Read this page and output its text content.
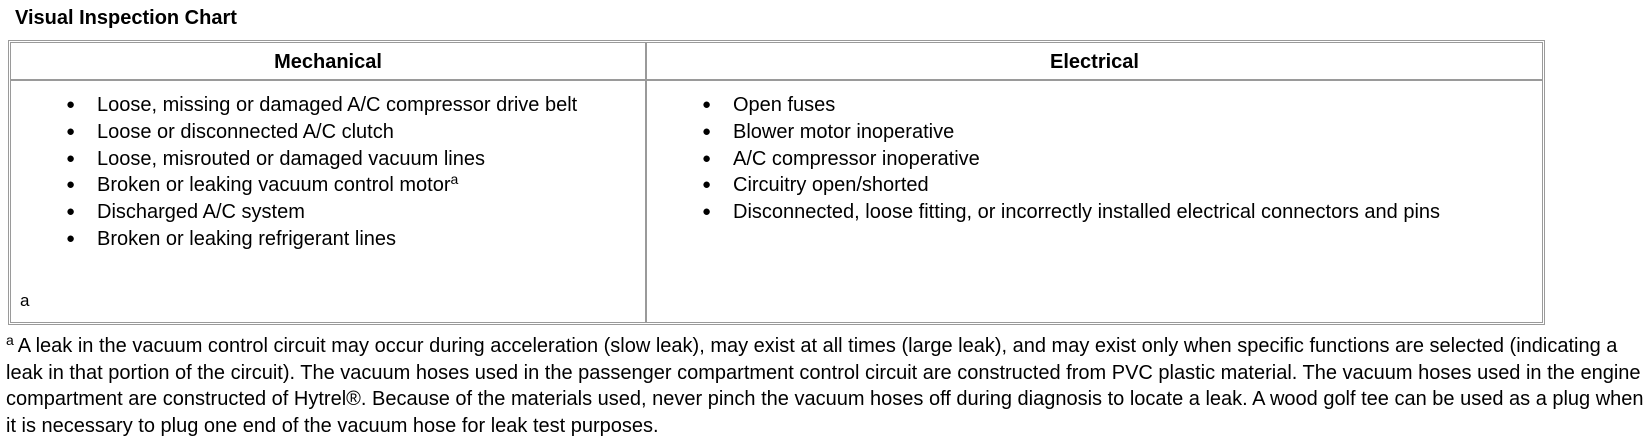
Visual Inspection Chart
Mechanical	Electrical
● Loose, missing or damaged A/C compressor drive belt
● Loose or disconnected A/C clutch
● Loose, misrouted or damaged vacuum lines
● Broken or leaking vacuum control motor$^a$
● Discharged A/C system
● Broken or leaking refrigerant lines
● Open fuses
● Blower motor inoperative
● A/C compressor inoperative
● Circuitry open/shorted
● Disconnected, loose fitting, or incorrectly installed electrical connectors and pins
a
$^a$ A leak in the vacuum control circuit may occur during acceleration (slow leak), may exist at all times (large leak), and may exist only when specific functions are selected (indicating a leak in that portion of the circuit). The vacuum hoses used in the passenger compartment control circuit are constructed from PVC plastic material. The vacuum hoses used in the engine compartment are constructed of Hytrel®. Because of the materials used, never pinch the vacuum hoses off during diagnosis to locate a leak. A wood golf tee can be used as a plug when it is necessary to plug one end of the vacuum hose for leak test purposes.
